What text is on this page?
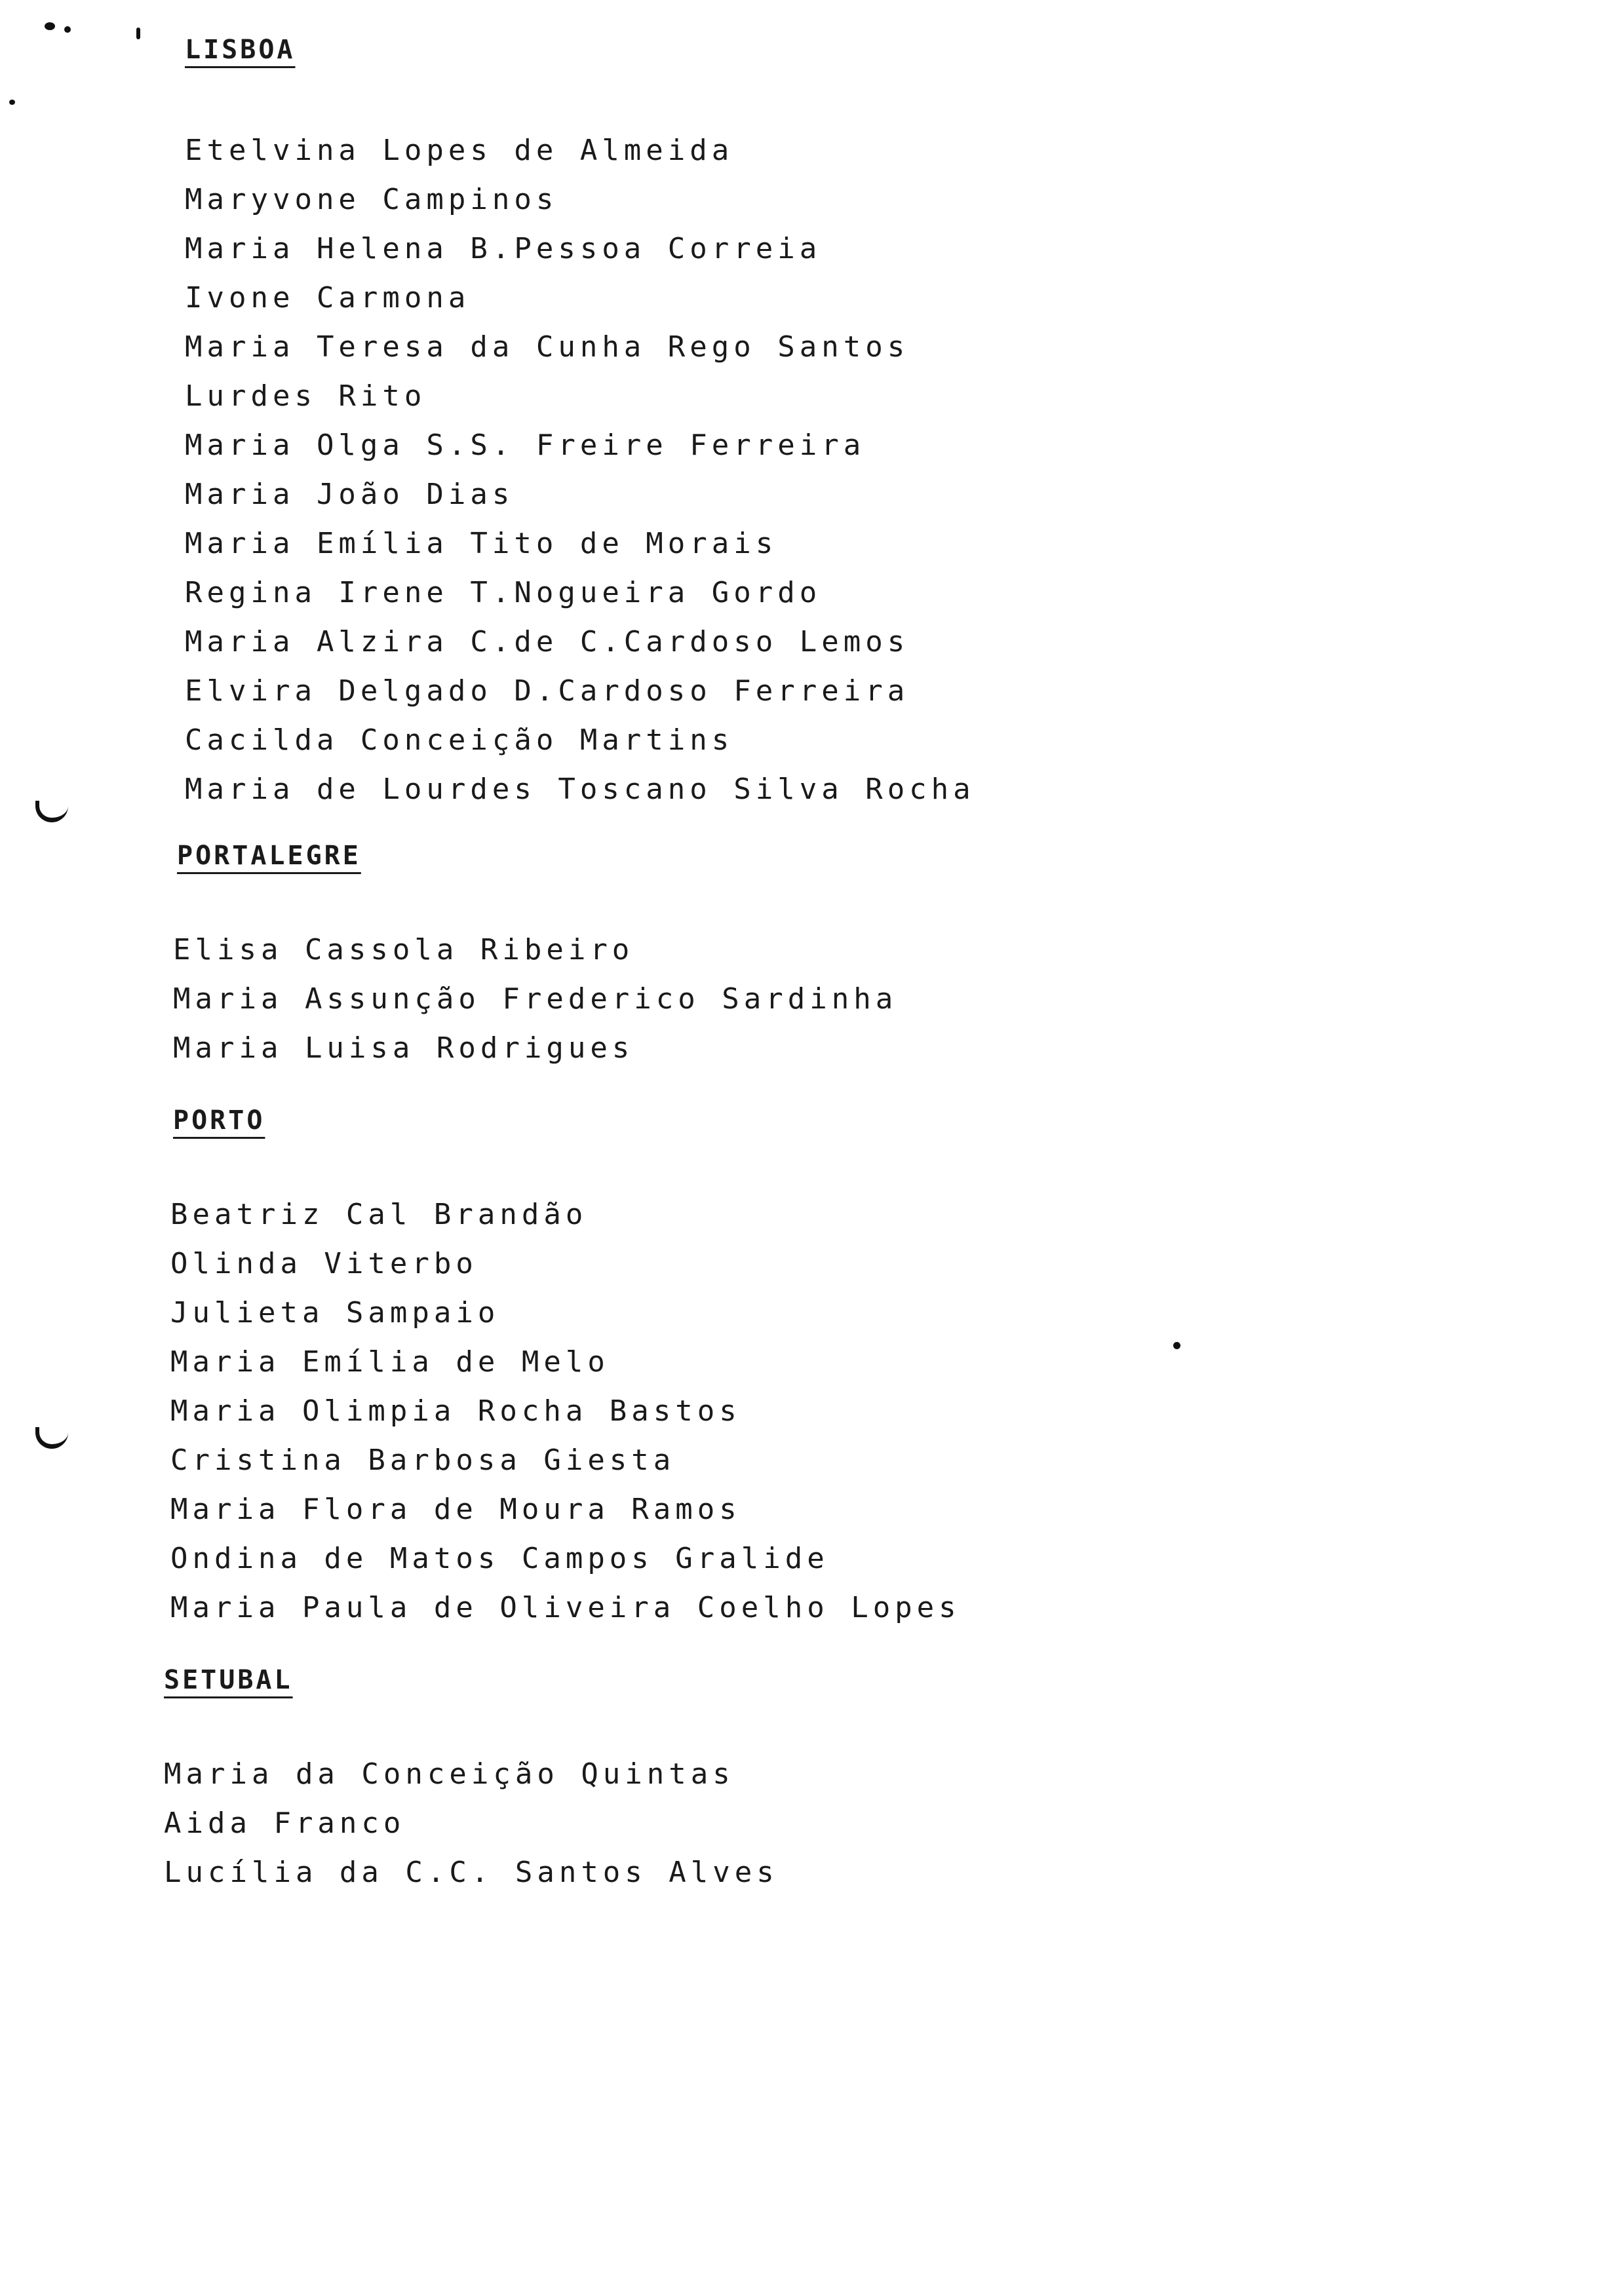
LISBOA
Etelvina Lopes de Almeida
Maryvone Campinos
Maria Helena B.Pessoa Correia
Ivone Carmona
Maria Teresa da Cunha Rego Santos
Lurdes Rito
Maria Olga S.S. Freire Ferreira
Maria João Dias
Maria Emília Tito de Morais
Regina Irene T.Nogueira Gordo
Maria Alzira C.de C.Cardoso Lemos
Elvira Delgado D.Cardoso Ferreira
Cacilda Conceição Martins
Maria de Lourdes Toscano Silva Rocha
PORTALEGRE
Elisa Cassola Ribeiro
Maria Assunção Frederico Sardinha
Maria Luisa Rodrigues
PORTO
Beatriz Cal Brandão
Olinda Viterbo
Julieta Sampaio
Maria Emília de Melo
Maria Olimpia Rocha Bastos
Cristina Barbosa Giesta
Maria Flora de Moura Ramos
Ondina de Matos Campos Gralide
Maria Paula de Oliveira Coelho Lopes
SETUBAL
Maria da Conceição Quintas
Aida Franco
Lucília da C.C. Santos Alves
